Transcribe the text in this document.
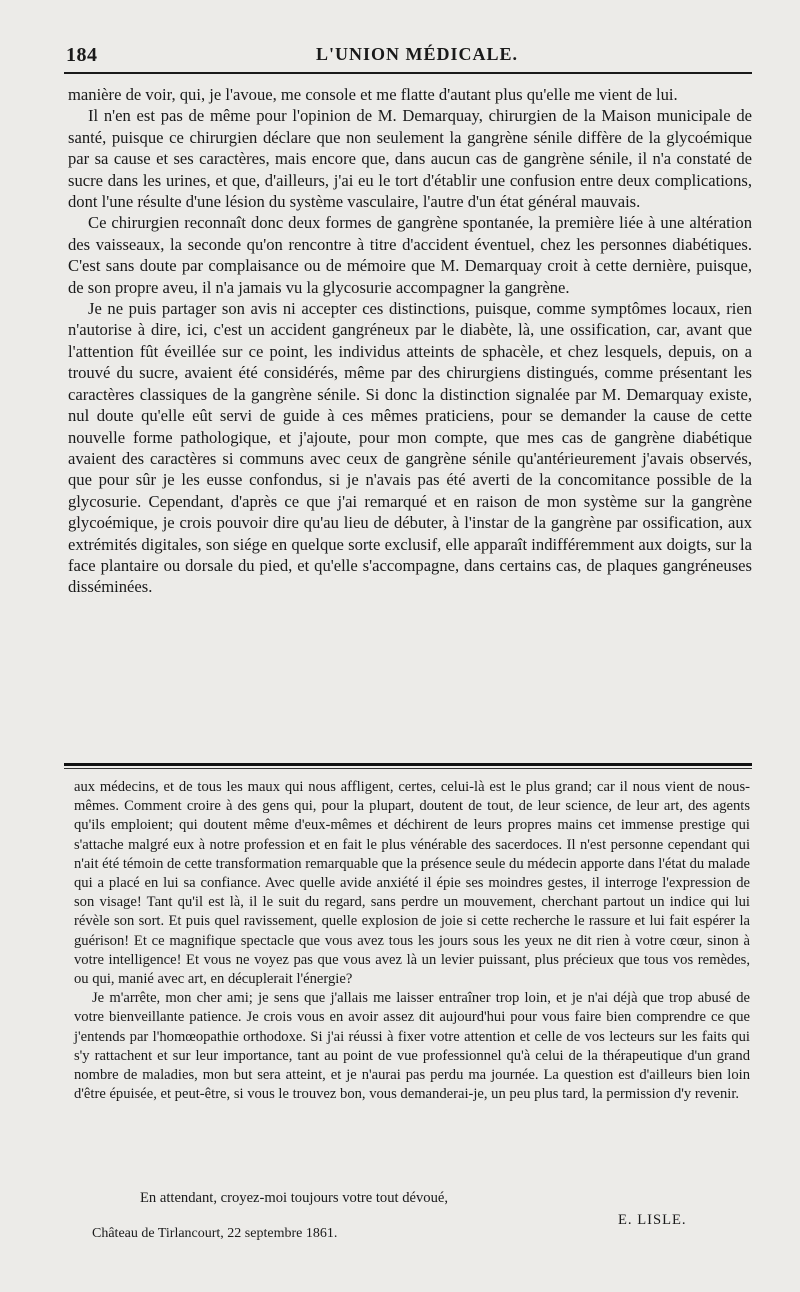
184	L'UNION MÉDICALE.

manière de voir, qui, je l'avoue, me console et me flatte d'autant plus qu'elle me vient de lui.

Il n'en est pas de même pour l'opinion de M. Demarquay, chirurgien de la Maison municipale de santé, puisque ce chirurgien déclare que non seulement la gangrène sénile diffère de la glycoémique par sa cause et ses caractères, mais encore que, dans aucun cas de gangrène sénile, il n'a constaté de sucre dans les urines, et que, d'ailleurs, j'ai eu le tort d'établir une confusion entre deux complications, dont l'une résulte d'une lésion du système vasculaire, l'autre d'un état général mauvais.

Ce chirurgien reconnaît donc deux formes de gangrène spontanée, la première liée à une altération des vaisseaux, la seconde qu'on rencontre à titre d'accident éventuel, chez les personnes diabétiques. C'est sans doute par complaisance ou de mémoire que M. Demarquay croit à cette dernière, puisque, de son propre aveu, il n'a jamais vu la glycosurie accompagner la gangrène.

Je ne puis partager son avis ni accepter ces distinctions, puisque, comme symptômes locaux, rien n'autorise à dire, ici, c'est un accident gangréneux par le diabète, là, une ossification, car, avant que l'attention fût éveillée sur ce point, les individus atteints de sphacèle, et chez lesquels, depuis, on a trouvé du sucre, avaient été considérés, même par des chirurgiens distingués, comme présentant les caractères classiques de la gangrène sénile. Si donc la distinction signalée par M. Demarquay existe, nul doute qu'elle eût servi de guide à ces mêmes praticiens, pour se demander la cause de cette nouvelle forme pathologique, et j'ajoute, pour mon compte, que mes cas de gangrène diabétique avaient des caractères si communs avec ceux de gangrène sénile qu'antérieurement j'avais observés, que pour sûr je les eusse confondus, si je n'avais pas été averti de la concomitance possible de la glycosurie. Cependant, d'après ce que j'ai remarqué et en raison de mon système sur la gangrène glycoémique, je crois pouvoir dire qu'au lieu de débuter, à l'instar de la gangrène par ossification, aux extrémités digitales, son siége en quelque sorte exclusif, elle apparaît indifféremment aux doigts, sur la face plantaire ou dorsale du pied, et qu'elle s'accompagne, dans certains cas, de plaques gangréneuses disséminées.

aux médecins, et de tous les maux qui nous affligent, certes, celui-là est le plus grand; car il nous vient de nous-mêmes. Comment croire à des gens qui, pour la plupart, doutent de tout, de leur science, de leur art, des agents qu'ils emploient; qui doutent même d'eux-mêmes et déchirent de leurs propres mains cet immense prestige qui s'attache malgré eux à notre profession et en fait le plus vénérable des sacerdoces. Il n'est personne cependant qui n'ait été témoin de cette transformation remarquable que la présence seule du médecin apporte dans l'état du malade qui a placé en lui sa confiance. Avec quelle avide anxiété il épie ses moindres gestes, il interroge l'expression de son visage! Tant qu'il est là, il le suit du regard, sans perdre un mouvement, cherchant partout un indice qui lui révèle son sort. Et puis quel ravissement, quelle explosion de joie si cette recherche le rassure et lui fait espérer la guérison! Et ce magnifique spectacle que vous avez tous les jours sous les yeux ne dit rien à votre cœur, sinon à votre intelligence! Et vous ne voyez pas que vous avez là un levier puissant, plus précieux que tous vos remèdes, ou qui, manié avec art, en décuplerait l'énergie?

Je m'arrête, mon cher ami; je sens que j'allais me laisser entraîner trop loin, et je n'ai déjà que trop abusé de votre bienveillante patience. Je crois vous en avoir assez dit aujourd'hui pour vous faire bien comprendre ce que j'entends par l'homœopathie orthodoxe. Si j'ai réussi à fixer votre attention et celle de vos lecteurs sur les faits qui s'y rattachent et sur leur importance, tant au point de vue professionnel qu'à celui de la thérapeutique d'un grand nombre de maladies, mon but sera atteint, et je n'aurai pas perdu ma journée. La question est d'ailleurs bien loin d'être épuisée, et peut-être, si vous le trouvez bon, vous demanderai-je, un peu plus tard, la permission d'y revenir.

En attendant, croyez-moi toujours votre tout dévoué,
E. LISLE.
Château de Tirlancourt, 22 septembre 1861.
